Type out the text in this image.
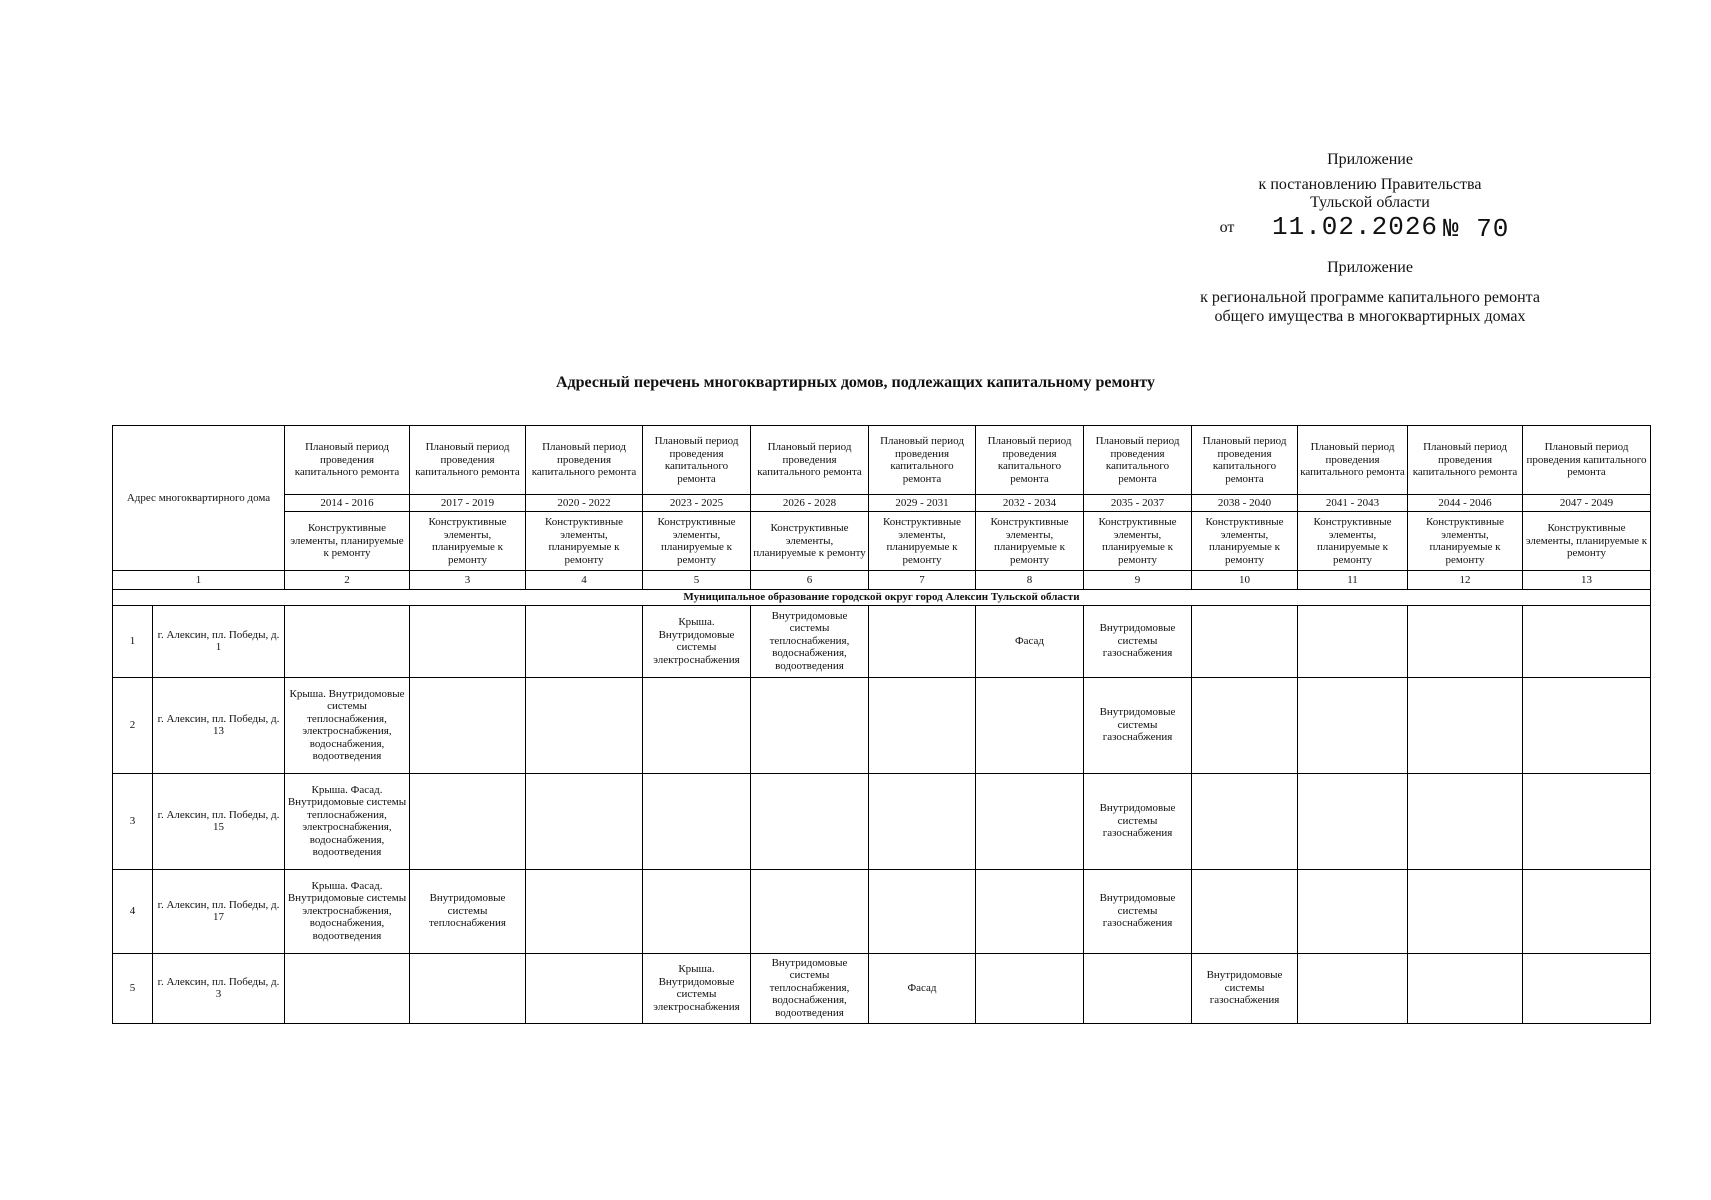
Приложение
к постановлению Правительства
Тульской области
от 11.02.2026 № 70
Приложение
к региональной программе капитального ремонта
общего имущества в многоквартирных домах
Адресный перечень многоквартирных домов, подлежащих капитальному ремонту
Адрес многоквартирного дома		Плановый период проведения капитального ремонта	Плановый период проведения капитального ремонта	Плановый период проведения капитального ремонта	Плановый период проведения капитального ремонта	Плановый период проведения капитального ремонта	Плановый период проведения капитального ремонта	Плановый период проведения капитального ремонта	Плановый период проведения капитального ремонта	Плановый период проведения капитального ремонта	Плановый период проведения капитального ремонта	Плановый период проведения капитального ремонта	Плановый период проведения капитального ремонта
		2014 - 2016	2017 - 2019	2020 - 2022	2023 - 2025	2026 - 2028	2029 - 2031	2032 - 2034	2035 - 2037	2038 - 2040	2041 - 2043	2044 - 2046	2047 - 2049
		Конструктивные элементы, планируемые к ремонту	Конструктивные элементы, планируемые к ремонту	Конструктивные элементы, планируемые к ремонту	Конструктивные элементы, планируемые к ремонту	Конструктивные элементы, планируемые к ремонту	Конструктивные элементы, планируемые к ремонту	Конструктивные элементы, планируемые к ремонту	Конструктивные элементы, планируемые к ремонту	Конструктивные элементы, планируемые к ремонту	Конструктивные элементы, планируемые к ремонту	Конструктивные элементы, планируемые к ремонту	Конструктивные элементы, планируемые к ремонту
1		2	3	4	5	6	7	8	9	10	11	12	13
Муниципальное образование городской округ город Алексин Тульской области													
1	г. Алексин, пл. Победы, д. 1				Крыша. Внутридомовые системы электроснабжения	Внутридомовые системы теплоснабжения, водоснабжения, водоотведения		Фасад	Внутридомовые системы газоснабжения				
2	г. Алексин, пл. Победы, д. 13	Крыша. Внутридомовые системы теплоснабжения, электроснабжения, водоснабжения, водоотведения							Внутридомовые системы газоснабжения				
3	г. Алексин, пл. Победы, д. 15	Крыша. Фасад. Внутридомовые системы теплоснабжения, электроснабжения, водоснабжения, водоотведения							Внутридомовые системы газоснабжения				
4	г. Алексин, пл. Победы, д. 17	Крыша. Фасад. Внутридомовые системы электроснабжения, водоснабжения, водоотведения	Внутридомовые системы теплоснабжения						Внутридомовые системы газоснабжения				
5	г. Алексин, пл. Победы, д. 3				Крыша. Внутридомовые системы электроснабжения	Внутридомовые системы теплоснабжения, водоснабжения, водоотведения	Фасад			Внутридомовые системы газоснабжения			
